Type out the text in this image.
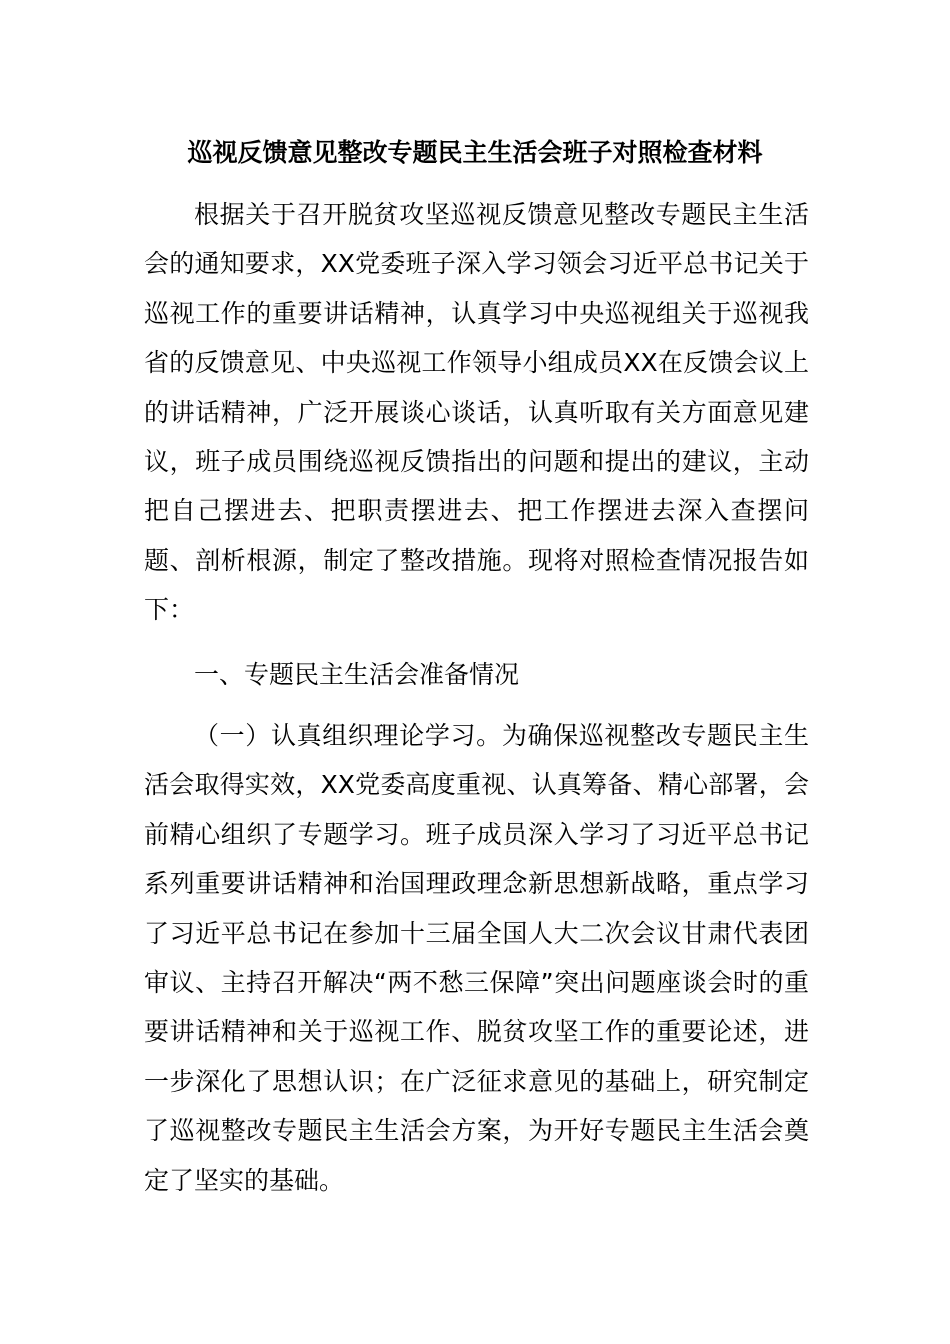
巡视反馈意见整改专题民主生活会班子对照检查材料

根据关于召开脱贫攻坚巡视反馈意见整改专题民主生活会的通知要求，XX党委班子深入学习领会习近平总书记关于巡视工作的重要讲话精神，认真学习中央巡视组关于巡视我省的反馈意见、中央巡视工作领导小组成员XX在反馈会议上的讲话精神，广泛开展谈心谈话，认真听取有关方面意见建议，班子成员围绕巡视反馈指出的问题和提出的建议，主动把自己摆进去、把职责摆进去、把工作摆进去深入查摆问题、剖析根源，制定了整改措施。现将对照检查情况报告如下：

一、专题民主生活会准备情况

（一）认真组织理论学习。为确保巡视整改专题民主生活会取得实效，XX党委高度重视、认真筹备、精心部署，会前精心组织了专题学习。班子成员深入学习了习近平总书记系列重要讲话精神和治国理政理念新思想新战略，重点学习了习近平总书记在参加十三届全国人大二次会议甘肃代表团审议、主持召开解决“两不愁三保障”突出问题座谈会时的重要讲话精神和关于巡视工作、脱贫攻坚工作的重要论述，进一步深化了思想认识；在广泛征求意见的基础上，研究制定了巡视整改专题民主生活会方案，为开好专题民主生活会奠定了坚实的基础。
